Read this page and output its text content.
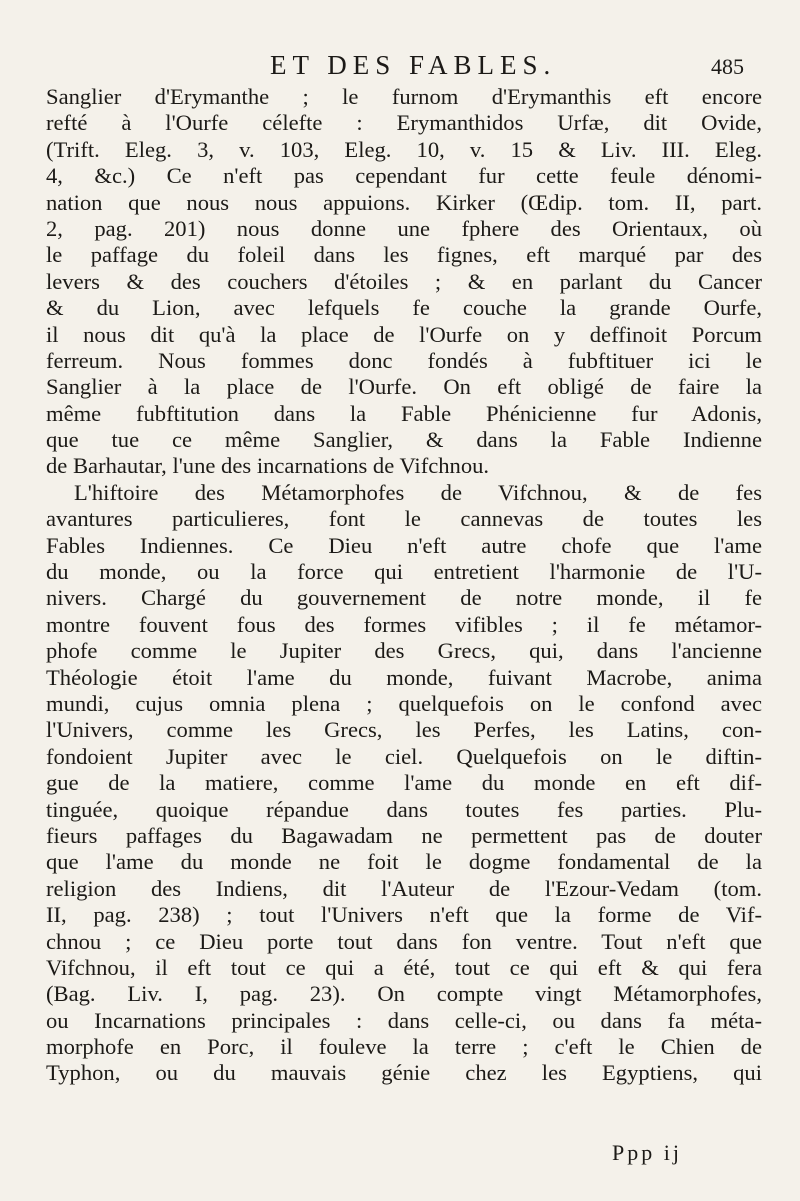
ET DES FABLES.	485
Sanglier d'Erymanthe ; le furnom d'Erymanthis eft encore
refté à l'Ourfe célefte : Erymanthidos Urfæ, dit Ovide,
(Trift. Eleg. 3, v. 103, Eleg. 10, v. 15 & Liv. III. Eleg.
4, &c.) Ce n'eft pas cependant fur cette feule dénomi-
nation que nous nous appuions. Kirker (Œdip. tom. II, part.
2, pag. 201) nous donne une fphere des Orientaux, où
le paffage du foleil dans les fignes, eft marqué par des
levers & des couchers d'étoiles ; & en parlant du Cancer
& du Lion, avec lefquels fe couche la grande Ourfe,
il nous dit qu'à la place de l'Ourfe on y deffinoit Porcum
ferreum. Nous fommes donc fondés à fubftituer ici le
Sanglier à la place de l'Ourfe. On eft obligé de faire la
même fubftitution dans la Fable Phénicienne fur Adonis,
que tue ce même Sanglier, & dans la Fable Indienne
de Barhautar, l'une des incarnations de Vifchnou.
L'hiftoire des Métamorphofes de Vifchnou, & de fes
avantures particulieres, font le cannevas de toutes les
Fables Indiennes. Ce Dieu n'eft autre chofe que l'ame
du monde, ou la force qui entretient l'harmonie de l'U-
nivers. Chargé du gouvernement de notre monde, il fe
montre fouvent fous des formes vifibles ; il fe métamor-
phofe comme le Jupiter des Grecs, qui, dans l'ancienne
Théologie étoit l'ame du monde, fuivant Macrobe, anima
mundi, cujus omnia plena ; quelquefois on le confond avec
l'Univers, comme les Grecs, les Perfes, les Latins, con-
fondoient Jupiter avec le ciel. Quelquefois on le diftin-
gue de la matiere, comme l'ame du monde en eft dif-
tinguée, quoique répandue dans toutes fes parties. Plu-
fieurs paffages du Bagawadam ne permettent pas de douter
que l'ame du monde ne foit le dogme fondamental de la
religion des Indiens, dit l'Auteur de l'Ezour-Vedam (tom.
II, pag. 238) ; tout l'Univers n'eft que la forme de Vif-
chnou ; ce Dieu porte tout dans fon ventre. Tout n'eft que
Vifchnou, il eft tout ce qui a été, tout ce qui eft & qui fera
(Bag. Liv. I, pag. 23). On compte vingt Métamorphofes,
ou Incarnations principales : dans celle-ci, ou dans fa méta-
morphofe en Porc, il fouleve la terre ; c'eft le Chien de
Typhon, ou du mauvais génie chez les Egyptiens, qui
Ppp ij
